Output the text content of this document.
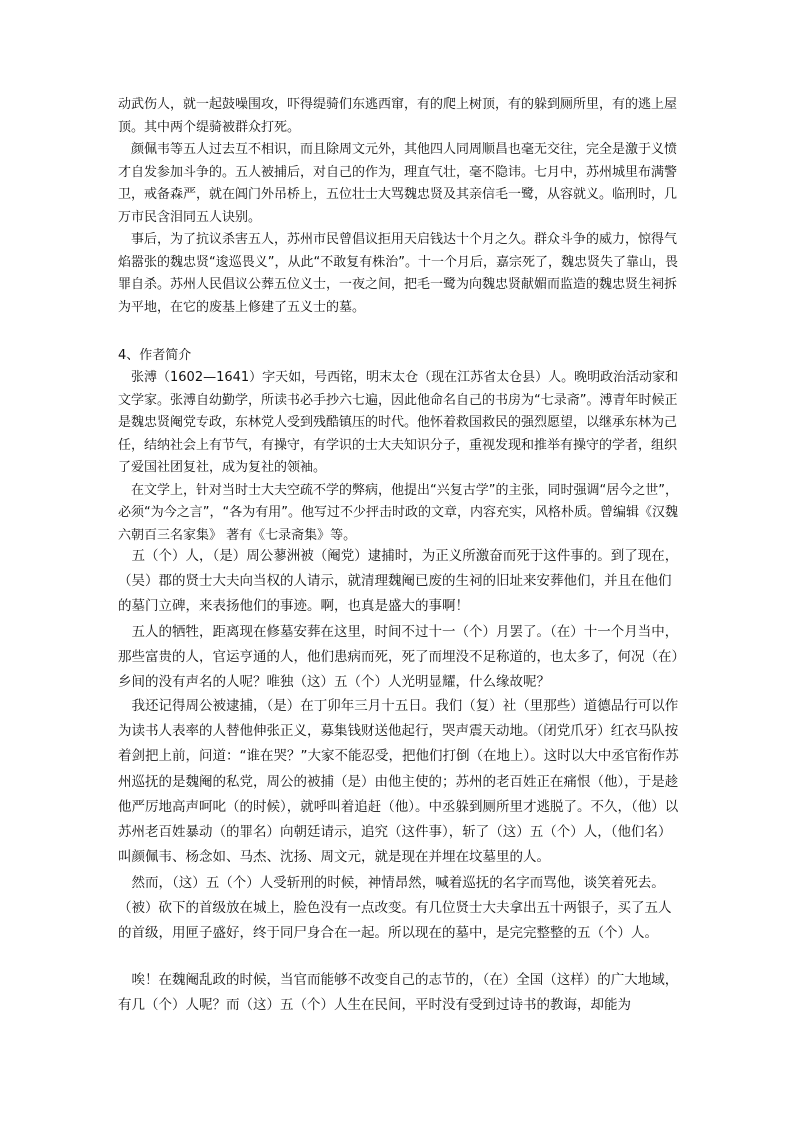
动武伤人，就一起鼓噪围攻，吓得缇骑们东逃西窜，有的爬上树顶，有的躲到厕所里，有的逃上屋顶。其中两个缇骑被群众打死。

颜佩韦等五人过去互不相识，而且除周文元外，其他四人同周顺昌也毫无交往，完全是激于义愤才自发参加斗争的。五人被捕后，对自己的作为，理直气壮，毫不隐讳。七月中，苏州城里布满警卫，戒备森严，就在阊门外吊桥上，五位壮士大骂魏忠贤及其亲信毛一鹭，从容就义。临刑时，几万市民含泪同五人诀别。

事后，为了抗议杀害五人，苏州市民曾倡议拒用天启钱达十个月之久。群众斗争的威力，惊得气焰嚣张的魏忠贤“逡巡畏义”，从此“不敢复有株治”。十一个月后，嘉宗死了，魏忠贤失了靠山，畏罪自杀。苏州人民倡议公葬五位义士，一夜之间，把毛一鹭为向魏忠贤献媚而监造的魏忠贤生祠拆为平地，在它的废基上修建了五义士的墓。

4、作者简介

张溥（1602—1641）字天如，号西铭，明末太仓（现在江苏省太仓县）人。晚明政治活动家和文学家。张溥自幼勤学，所读书必手抄六七遍，因此他命名自己的书房为“七录斋”。溥青年时候正是魏忠贤阉党专政，东林党人受到残酷镇压的时代。他怀着救国救民的强烈愿望，以继承东林为己任，结纳社会上有节气，有操守，有学识的士大夫知识分子，重视发现和推举有操守的学者，组织了爱国社团复社，成为复社的领袖。

在文学上，针对当时士大夫空疏不学的弊病，他提出“兴复古学”的主张，同时强调“居今之世”，必须“为今之言”，“各为有用”。他写过不少抨击时政的文章，内容充实，风格朴质。曾编辑《汉魏六朝百三名家集》 著有《七录斋集》等。

五（个）人，（是）周公蓼洲被（阉党）逮捕时，为正义所激奋而死于这件事的。到了现在，（吴）郡的贤士大夫向当权的人请示，就清理魏阉已废的生祠的旧址来安葬他们，并且在他们的墓门立碑，来表扬他们的事迹。啊，也真是盛大的事啊！

五人的牺牲，距离现在修墓安葬在这里，时间不过十一（个）月罢了。（在）十一个月当中，那些富贵的人，官运亨通的人，他们患病而死，死了而埋没不足称道的，也太多了，何况（在）乡间的没有声名的人呢？唯独（这）五（个）人光明显耀，什么缘故呢？

我还记得周公被逮捕，（是）在丁卯年三月十五日。我们（复）社（里那些）道德品行可以作为读书人表率的人替他伸张正义，募集钱财送他起行，哭声震天动地。（闭党爪牙）红衣马队按着剑把上前，问道：“谁在哭？”大家不能忍受，把他们打倒（在地上）。这时以大中丞官衔作苏州巡抚的是魏阉的私党，周公的被捕（是）由他主使的；苏州的老百姓正在痛恨（他），于是趁他严厉地高声呵叱（的时候），就呼叫着追赶（他）。中丞躲到厕所里才逃脱了。不久，（他）以苏州老百姓暴动（的罪名）向朝廷请示，追究（这件事），斩了（这）五（个）人，（他们名）叫颜佩韦、杨念如、马杰、沈扬、周文元，就是现在并埋在坟墓里的人。

然而，（这）五（个）人受斩刑的时候，神情昂然，喊着巡抚的名字而骂他，谈笑着死去。（被）砍下的首级放在城上，脸色没有一点改变。有几位贤士大夫拿出五十两银子，买了五人的首级，用匣子盛好，终于同尸身合在一起。所以现在的墓中，是完完整整的五（个）人。

唉！在魏阉乱政的时候，当官而能够不改变自己的志节的，（在）全国（这样）的广大地域，有几（个）人呢？而（这）五（个）人生在民间，平时没有受到过诗书的教诲，却能为
